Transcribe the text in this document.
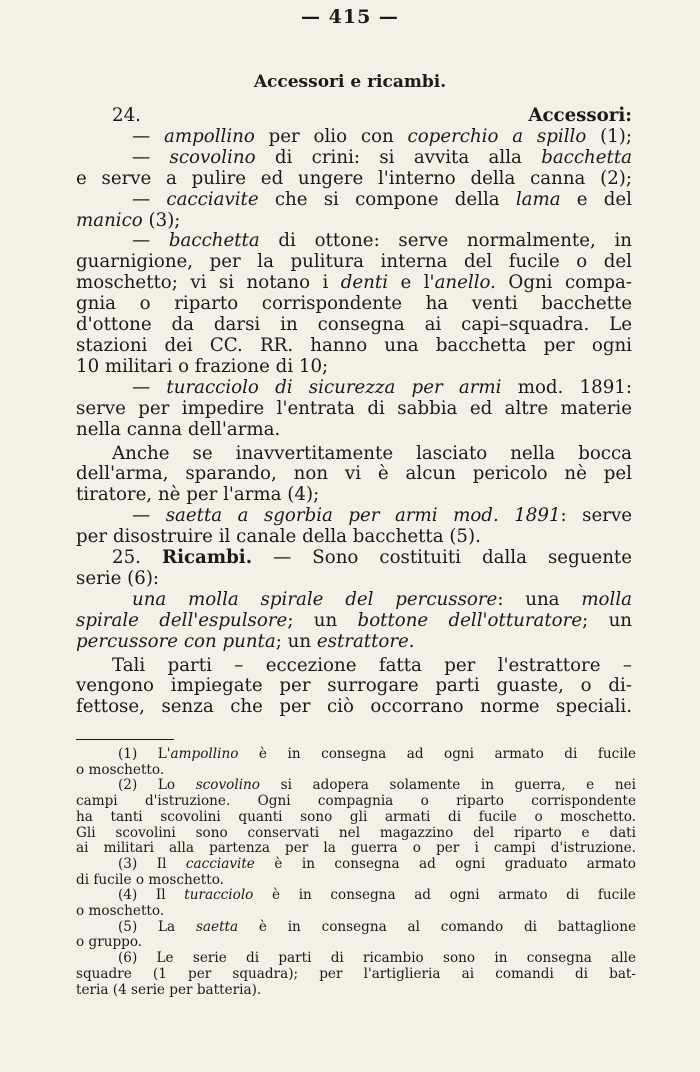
— 415 —
Accessori e ricambi.
24. Accessori:
— ampollino per olio con coperchio a spillo (1);
— scovolino di crini: si avvita alla bacchetta
e serve a pulire ed ungere l'interno della canna (2);
— cacciavite che si compone della lama e del
manico (3);
— bacchetta di ottone: serve normalmente, in
guarnigione, per la pulitura interna del fucile o del
moschetto; vi si notano i denti e l'anello. Ogni compa-
gnia o riparto corrispondente ha venti bacchette
d'ottone da darsi in consegna ai capi–squadra. Le
stazioni dei CC. RR. hanno una bacchetta per ogni
10 militari o frazione di 10;
— turacciolo di sicurezza per armi mod. 1891:
serve per impedire l'entrata di sabbia ed altre materie
nella canna dell'arma.
Anche se inavvertitamente lasciato nella bocca
dell'arma, sparando, non vi è alcun pericolo nè pel
tiratore, nè per l'arma (4);
— saetta a sgorbia per armi mod. 1891: serve
per disostruire il canale della bacchetta (5).
25. Ricambi. — Sono costituiti dalla seguente
serie (6):
una molla spirale del percussore: una molla
spirale dell'espulsore; un bottone dell'otturatore; un
percussore con punta; un estrattore.
Tali parti – eccezione fatta per l'estrattore –
vengono impiegate per surrogare parti guaste, o di-
fettose, senza che per ciò occorrano norme speciali.
(1) L'ampollino è in consegna ad ogni armato di fucile
o moschetto.
(2) Lo scovolino si adopera solamente in guerra, e nei
campi d'istruzione. Ogni compagnia o riparto corrispondente
ha tanti scovolini quanti sono gli armati di fucile o moschetto.
Gli scovolini sono conservati nel magazzino del riparto e dati
ai militari alla partenza per la guerra o per i campi d'istruzione.
(3) Il cacciavite è in consegna ad ogni graduato armato
di fucile o moschetto.
(4) Il turacciolo è in consegna ad ogni armato di fucile
o moschetto.
(5) La saetta è in consegna al comando di battaglione
o gruppo.
(6) Le serie di parti di ricambio sono in consegna alle
squadre (1 per squadra); per l'artiglieria ai comandi di bat-
teria (4 serie per batteria).
